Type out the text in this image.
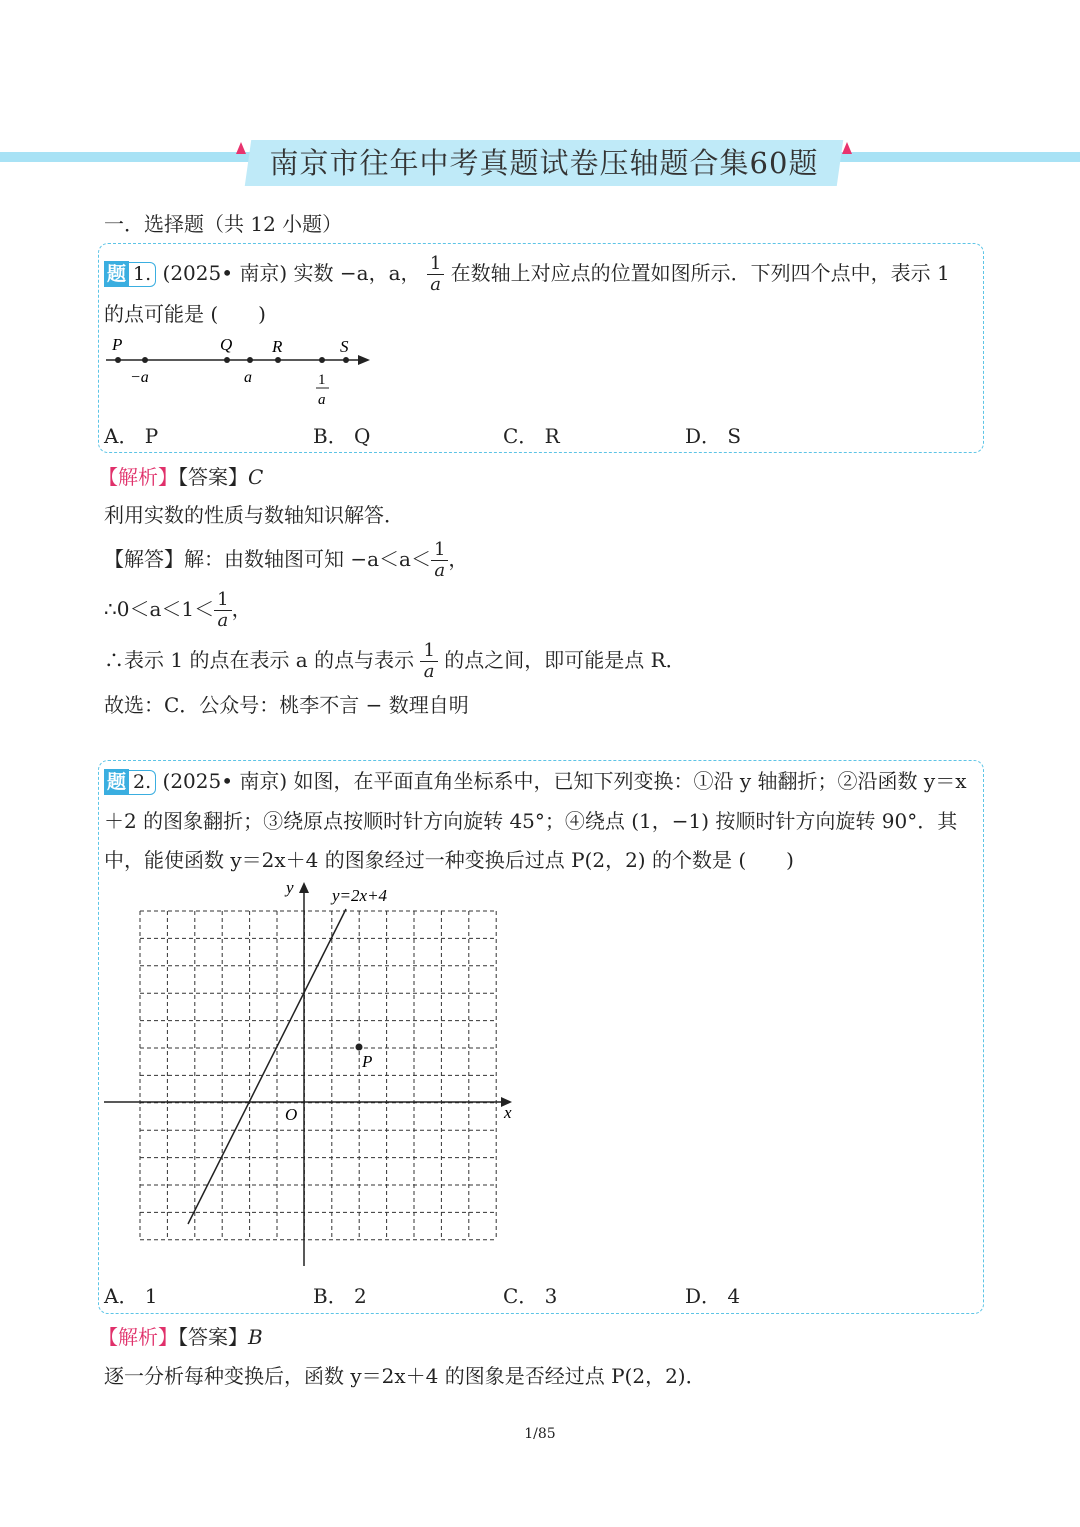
南京市往年中考真题试卷压轴题合集60题
一．选择题（共 12 小题）
题 1. (2025• 南京) 实数 −a，a， $\frac{1}{a}$ 在数轴上对应点的位置如图所示．下列四个点中，表示 1
的点可能是 (　　)
P	Q R	S
−a	a	1
a
A． P	B． Q	C． R	D． S
【解析】【答案】C
利用实数的性质与数轴知识解答．
【解答】解：由数轴图可知 $-a<a< \frac{1}{a}$ ，
∴0＜a＜1＜ $\frac{1}{a}$ ，
∴表示 1 的点在表示 a 的点与表示 $\frac{1}{a}$ 的点之间，即可能是点 R．
故选：C．公众号：桃李不言 − 数理自明
题 2. (2025• 南京) 如图，在平面直角坐标系中，已知下列变换：①沿 y 轴翻折；②沿函数 y＝x
＋2 的图象翻折；③绕原点按顺时针方向旋转 45°；④绕点 (1，−1) 按顺时针方向旋转 90°．其
中，能使函数 y＝2x＋4 的图象经过一种变换后过点 P(2，2) 的个数是 (　　)
y=2x+4
y
x
O
P
A． 1	B． 2	C． 3	D． 4
【解析】【答案】B
逐一分析每种变换后，函数 y＝2x＋4 的图象是否经过点 P(2，2)．
1/85
